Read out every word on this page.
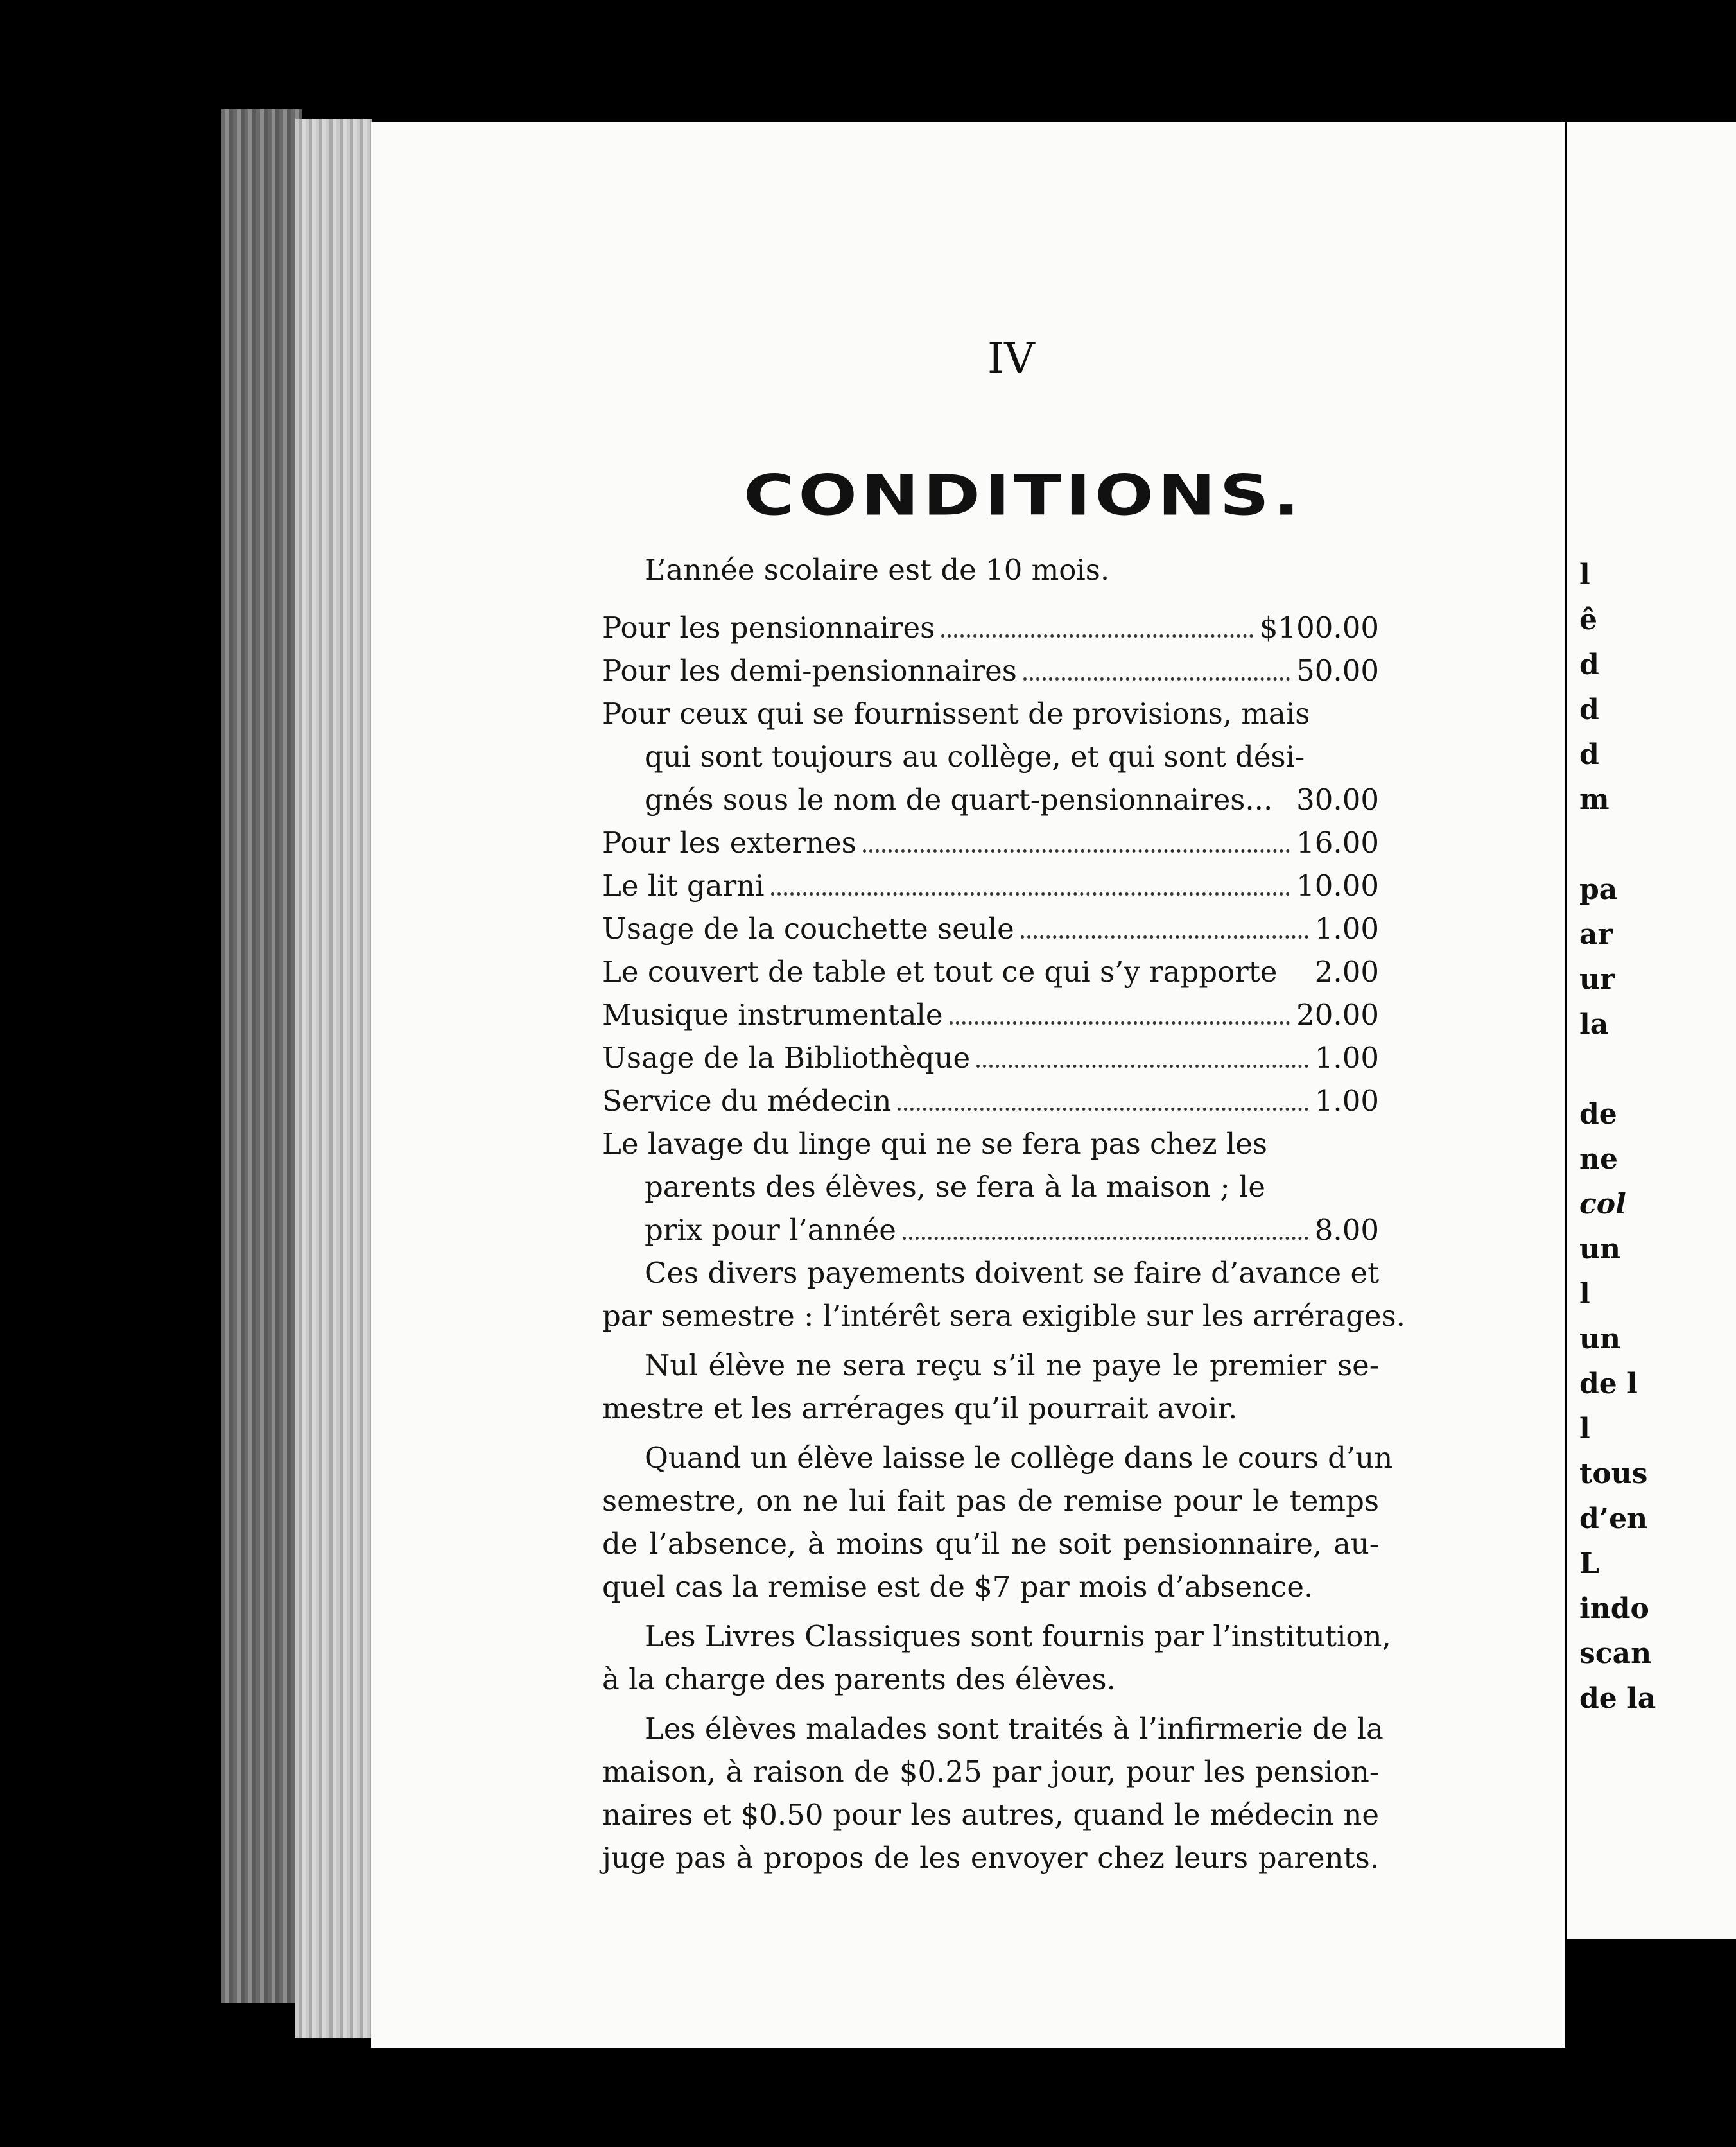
IV
CONDITIONS.
L’année scolaire est de 10 mois.
Pour les pensionnaires	$100.00
Pour les demi-pensionnaires	50.00
Pour ceux qui se fournissent de provisions, mais
qui sont toujours au collège, et qui sont dési-
gnés sous le nom de quart-pensionnaires... 30.00
Pour les externes	16.00
Le lit garni	10.00
Usage de la couchette seule	1.00
Le couvert de table et tout ce qui s’y rapporte 2.00
Musique instrumentale	20.00
Usage de la Bibliothèque	1.00
Service du médecin	1.00
Le lavage du linge qui ne se fera pas chez les
parents des élèves, se fera à la maison ; le
prix pour l’année	8.00
Ces divers payements doivent se faire d’avance et
par semestre : l’intérêt sera exigible sur les arrérages.
Nul élève ne sera reçu s’il ne paye le premier se-
mestre et les arrérages qu’il pourrait avoir.
Quand un élève laisse le collège dans le cours d’un
semestre, on ne lui fait pas de remise pour le temps
de l’absence, à moins qu’il ne soit pensionnaire, au-
quel cas la remise est de $7 par mois d’absence.
Les Livres Classiques sont fournis par l’institution,
à la charge des parents des élèves.
Les élèves malades sont traités à l’infirmerie de la
maison, à raison de $0.25 par jour, pour les pension-
naires et $0.50 pour les autres, quand le médecin ne
juge pas à propos de les envoyer chez leurs parents.
l
ê
d
d
d
m
pa
ar
ur
la
de
ne
col
un
l
un
de l
l
tous
d’en
L
indo
scan
de la
